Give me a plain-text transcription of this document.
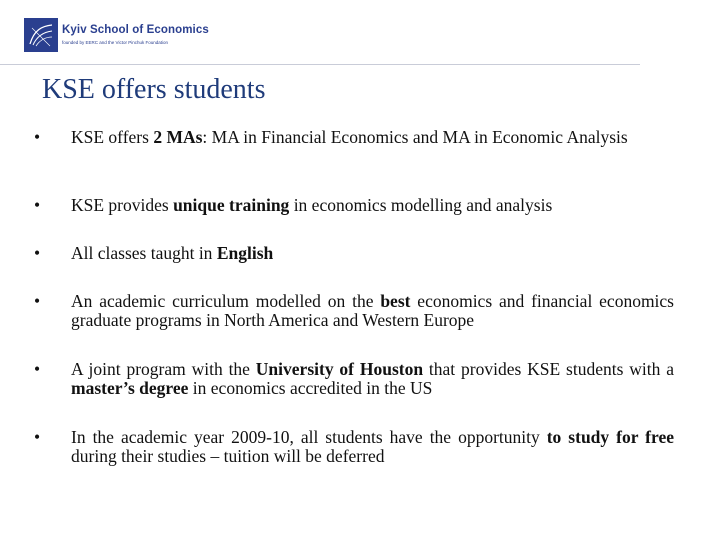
Kyiv School of Economics
founded by EERC and the Victor Pinchuk Foundation
KSE offers students
• KSE offers 2 MAs: MA in Financial Economics and MA in Economic Analysis
• KSE provides unique training in economics modelling and analysis
• All classes taught in English
• An academic curriculum modelled on the best economics and financial economics graduate programs in North America and Western Europe
• A joint program with the University of Houston that provides KSE students with a master’s degree in economics accredited in the US
• In the academic year 2009-10, all students have the opportunity to study for free during their studies – tuition will be deferred
